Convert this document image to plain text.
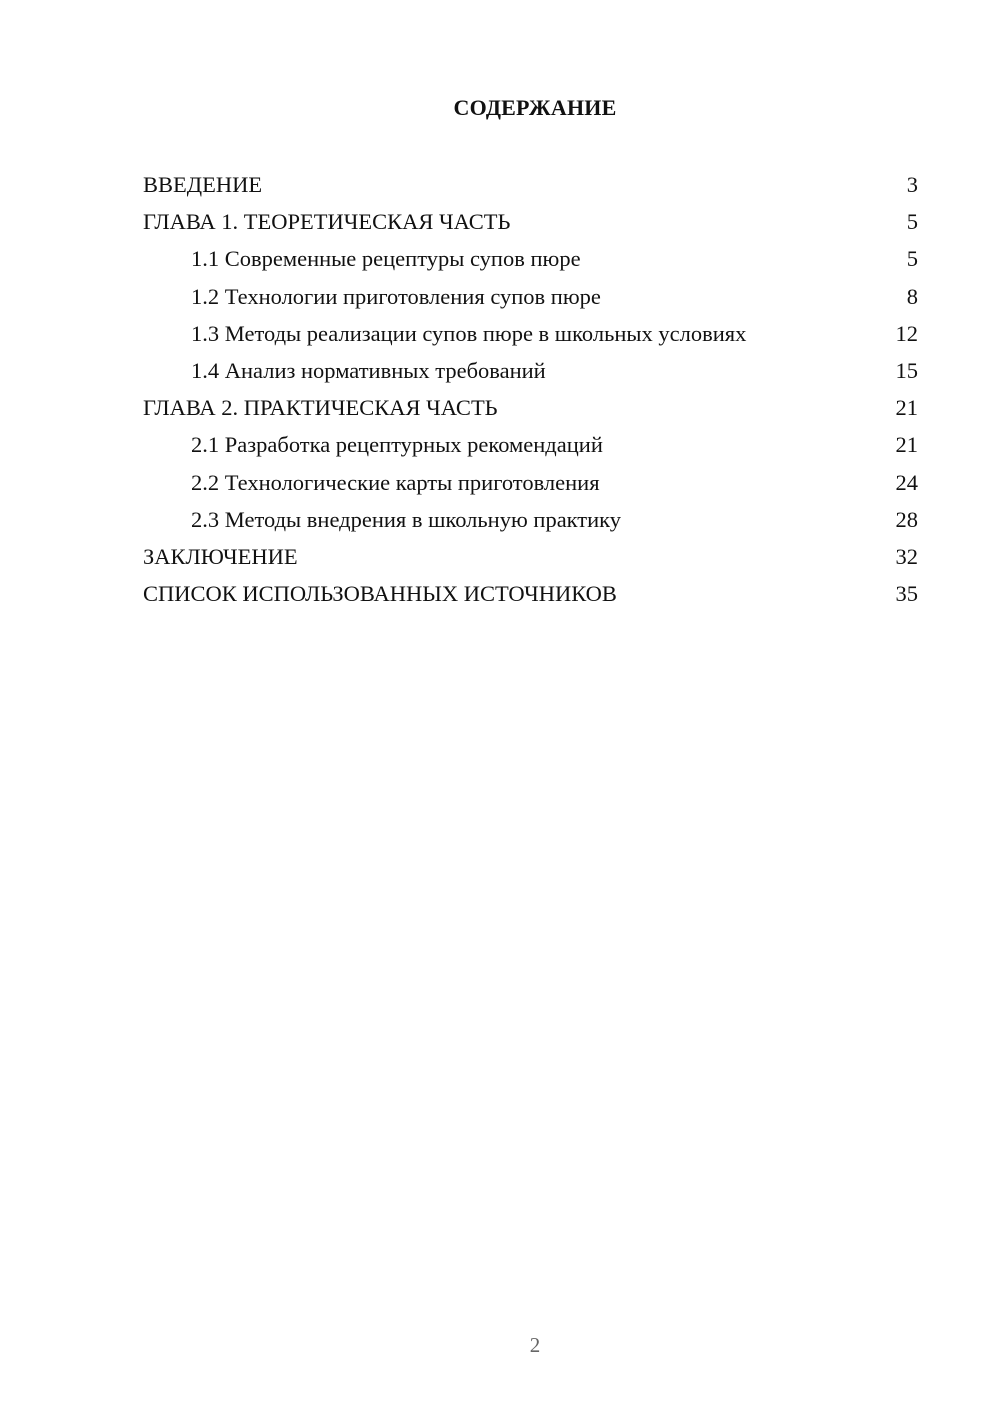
СОДЕРЖАНИЕ
ВВЕДЕНИЕ	3
ГЛАВА 1. ТЕОРЕТИЧЕСКАЯ ЧАСТЬ	5
1.1 Современные рецептуры супов пюре	5
1.2 Технологии приготовления супов пюре	8
1.3 Методы реализации супов пюре в школьных условиях	12
1.4 Анализ нормативных требований	15
ГЛАВА 2. ПРАКТИЧЕСКАЯ ЧАСТЬ	21
2.1 Разработка рецептурных рекомендаций	21
2.2 Технологические карты приготовления	24
2.3 Методы внедрения в школьную практику	28
ЗАКЛЮЧЕНИЕ	32
СПИСОК ИСПОЛЬЗОВАННЫХ ИСТОЧНИКОВ	35
2
